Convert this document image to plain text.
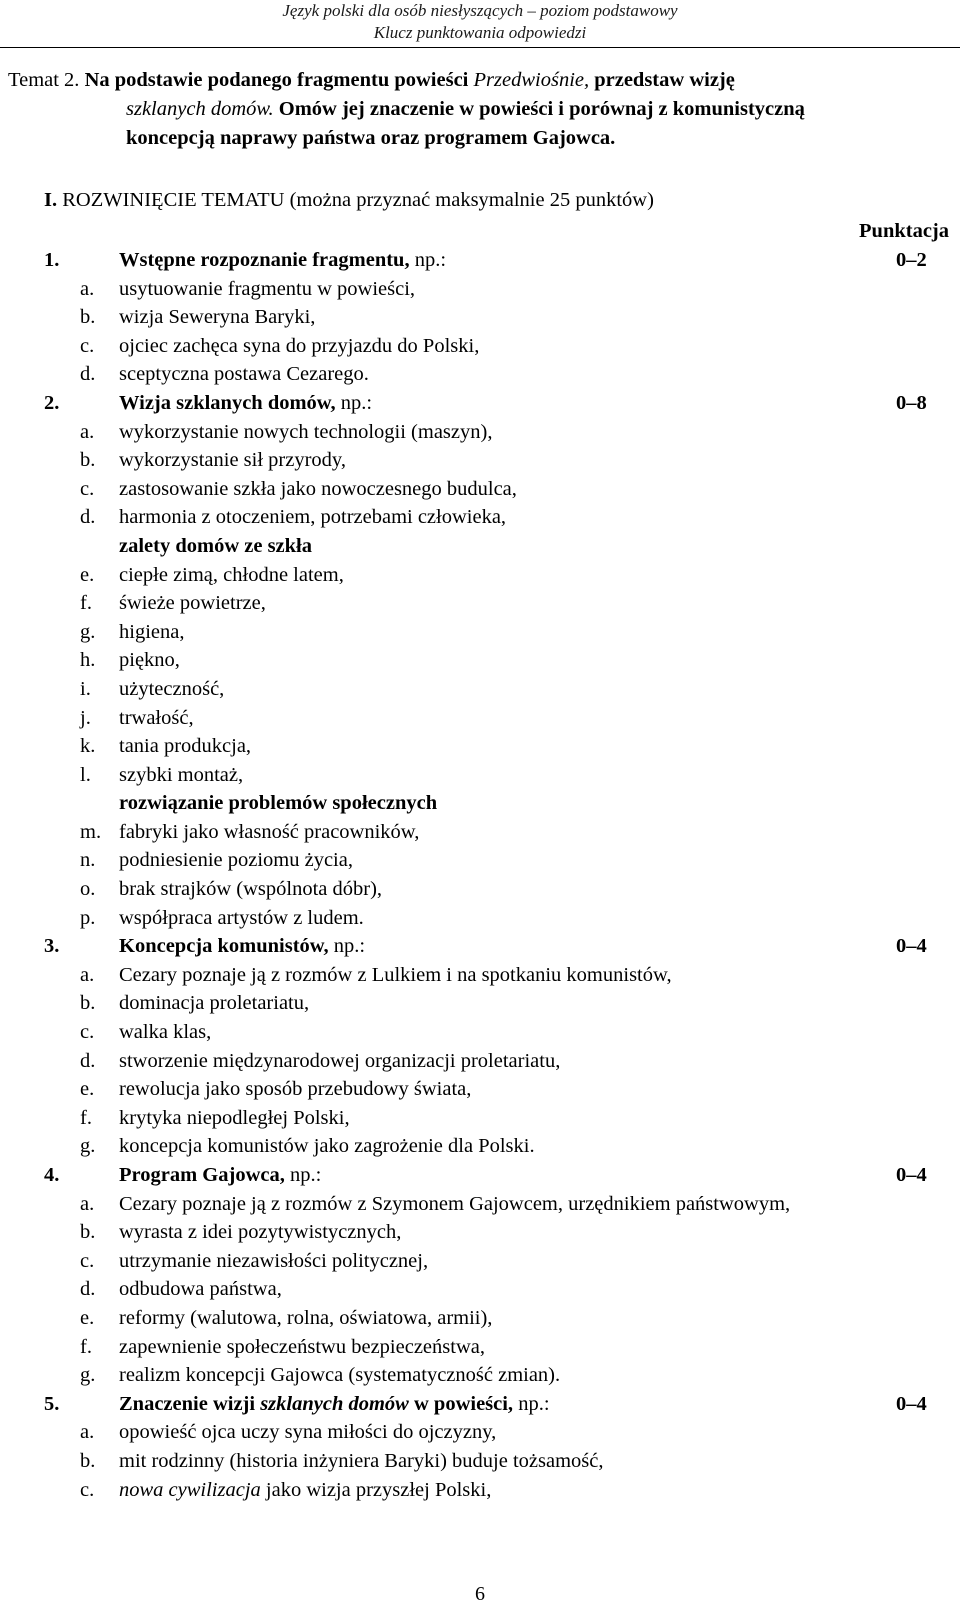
Język polski dla osób niesłyszących – poziom podstawowy
Klucz punktowania odpowiedzi
Temat 2. Na podstawie podanego fragmentu powieści Przedwiośnie, przedstaw wizję
szklanych domów. Omów jej znaczenie w powieści i porównaj z komunistyczną
koncepcją naprawy państwa oraz programem Gajowca.
I. ROZWINIĘCIE TEMATU (można przyznać maksymalnie 25 punktów)
Punktacja
1.	Wstępne rozpoznanie fragmentu, np.:	0–2
a. usytuowanie fragmentu w powieści,
b. wizja Seweryna Baryki,
c. ojciec zachęca syna do przyjazdu do Polski,
d. sceptyczna postawa Cezarego.
2.	Wizja szklanych domów, np.:	0–8
a. wykorzystanie nowych technologii (maszyn),
b. wykorzystanie sił przyrody,
c. zastosowanie szkła jako nowoczesnego budulca,
d. harmonia z otoczeniem, potrzebami człowieka,
zalety domów ze szkła
e. ciepłe zimą, chłodne latem,
f. świeże powietrze,
g. higiena,
h. piękno,
i. użyteczność,
j. trwałość,
k. tania produkcja,
l. szybki montaż,
rozwiązanie problemów społecznych
m. fabryki jako własność pracowników,
n. podniesienie poziomu życia,
o. brak strajków (wspólnota dóbr),
p. współpraca artystów z ludem.
3.	Koncepcja komunistów, np.:	0–4
a. Cezary poznaje ją z rozmów z Lulkiem i na spotkaniu komunistów,
b. dominacja proletariatu,
c. walka klas,
d. stworzenie międzynarodowej organizacji proletariatu,
e. rewolucja jako sposób przebudowy świata,
f. krytyka niepodległej Polski,
g. koncepcja komunistów jako zagrożenie dla Polski.
4.	Program Gajowca, np.:	0–4
a. Cezary poznaje ją z rozmów z Szymonem Gajowcem, urzędnikiem państwowym,
b. wyrasta z idei pozytywistycznych,
c. utrzymanie niezawisłości politycznej,
d. odbudowa państwa,
e. reformy (walutowa, rolna, oświatowa, armii),
f. zapewnienie społeczeństwu bezpieczeństwa,
g. realizm koncepcji Gajowca (systematyczność zmian).
5.	Znaczenie wizji szklanych domów w powieści, np.:	0–4
a. opowieść ojca uczy syna miłości do ojczyzny,
b. mit rodzinny (historia inżyniera Baryki) buduje tożsamość,
c. nowa cywilizacja jako wizja przyszłej Polski,
6
